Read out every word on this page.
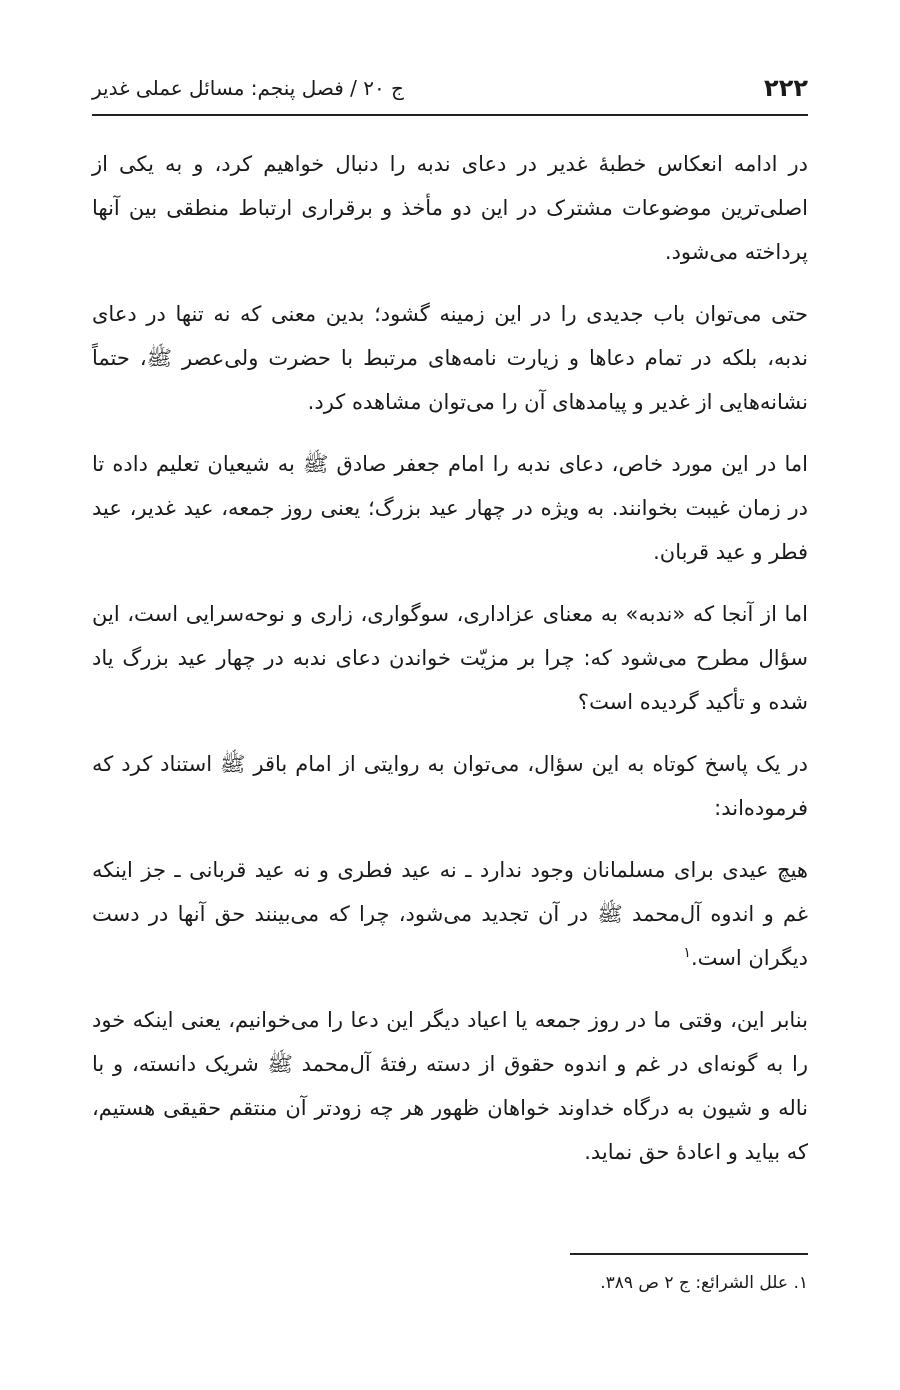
۲۲۲
ج ۲۰ / فصل پنجم: مسائل عملی غدیر

در ادامه انعکاس خطبۀ غدیر در دعای ندبه را دنبال خواهیم کرد، و به یکی از اصلی‌ترین موضوعات مشترک در این دو مأخذ و برقراری ارتباط منطقی بین آنها پرداخته می‌شود.

حتی می‌توان باب جدیدی را در این زمینه گشود؛ بدین معنی که نه تنها در دعای ندبه، بلکه در تمام دعاها و زیارت نامه‌های مرتبط با حضرت ولی‌عصر ﷺ، حتماً نشانه‌هایی از غدیر و پیامدهای آن را می‌توان مشاهده کرد.

اما در این مورد خاص، دعای ندبه را امام جعفر صادق ﷺ به شیعیان تعلیم داده تا در زمان غیبت بخوانند. به ویژه در چهار عید بزرگ؛ یعنی روز جمعه، عید غدیر، عید فطر و عید قربان.

اما از آنجا که «ندبه» به معنای عزاداری، سوگواری، زاری و نوحه‌سرایی است، این سؤال مطرح می‌شود که: چرا بر مزیّت خواندن دعای ندبه در چهار عید بزرگ یاد شده و تأکید گردیده است؟

در یک پاسخ کوتاه به این سؤال، می‌توان به روایتی از امام باقر ﷺ استناد کرد که فرموده‌اند:

هیچ عیدی برای مسلمانان وجود ندارد ـ نه عید فطری و نه عید قربانی ـ جز اینکه غم و اندوه آل‌محمد ﷺ در آن تجدید می‌شود، چرا که می‌بینند حق آنها در دست دیگران است.$^۱$

بنابر این، وقتی ما در روز جمعه یا اعیاد دیگر این دعا را می‌خوانیم، یعنی اینکه خود را به گونه‌ای در غم و اندوه حقوق از دسته رفتۀ آل‌محمد ﷺ شریک دانسته، و با ناله و شیون به درگاه خداوند خواهان ظهور هر چه زودتر آن منتقم حقیقی هستیم، که بیاید و اعادۀ حق نماید.

۱. علل الشرائع: ج ۲ ص ۳۸۹.
